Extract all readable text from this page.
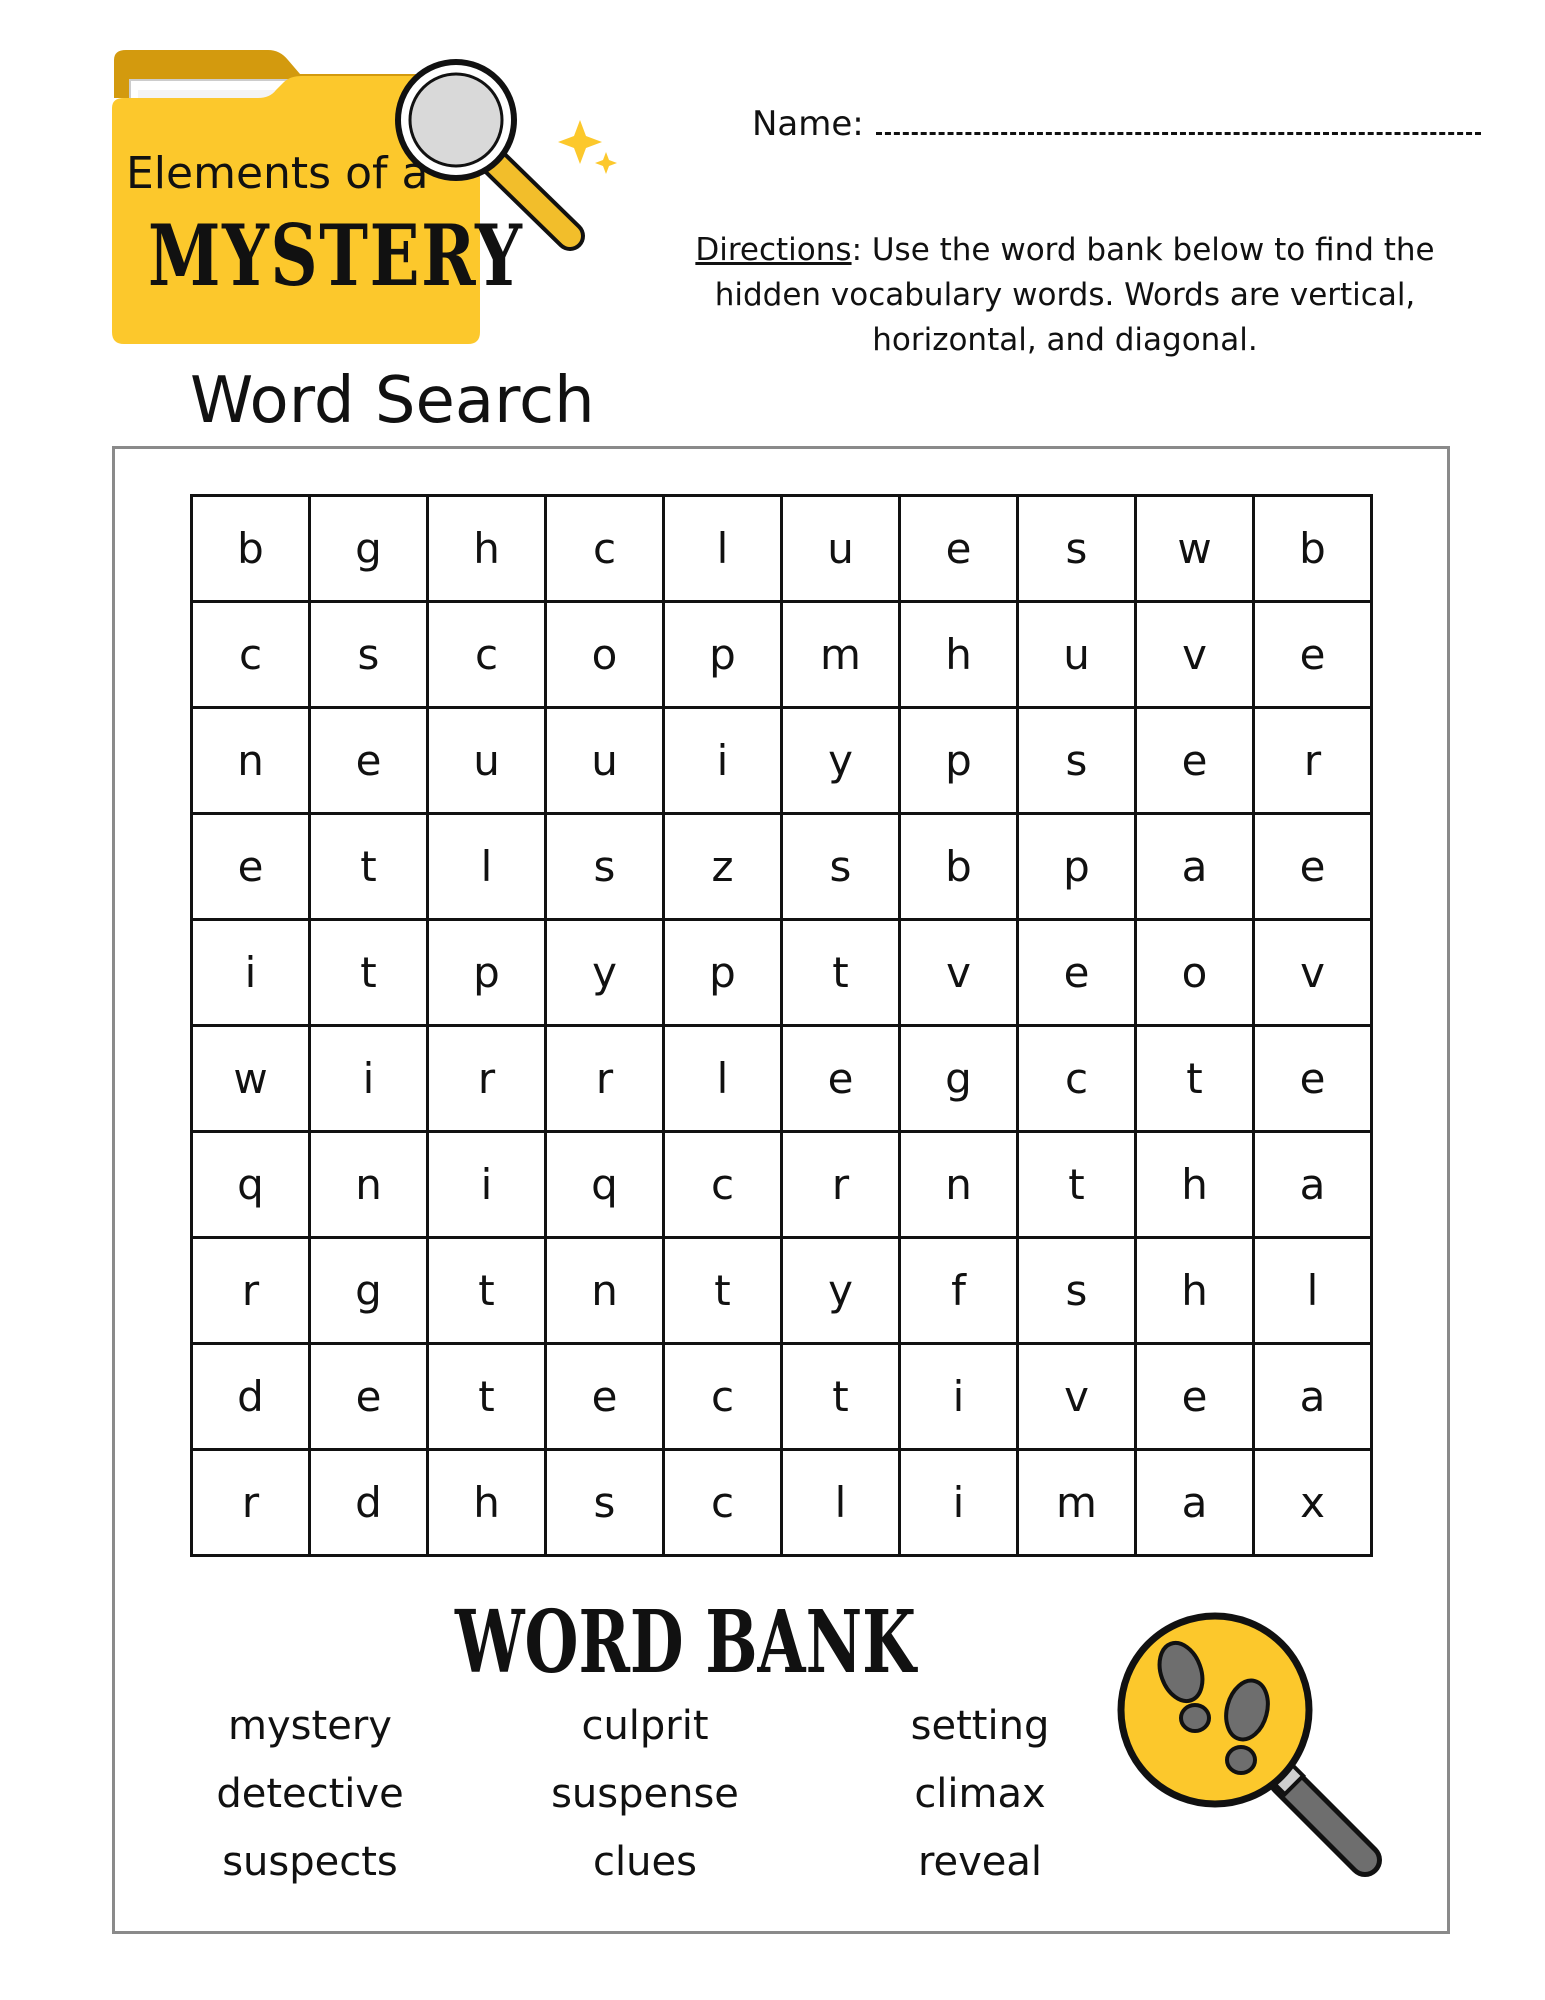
Elements of a
MYSTERY
Name:
Directions: Use the word bank below to find the hidden vocabulary words. Words are vertical, horizontal, and diagonal.
Word Search
b	g	h	c	l	u	e	s	w	b
c	s	c	o	p	m	h	u	v	e
n	e	u	u	i	y	p	s	e	r
e	t	l	s	z	s	b	p	a	e
i	t	p	y	p	t	v	e	o	v
w	i	r	r	l	e	g	c	t	e
q	n	i	q	c	r	n	t	h	a
r	g	t	n	t	y	f	s	h	l
d	e	t	e	c	t	i	v	e	a
r	d	h	s	c	l	i	m	a	x
WORD BANK
mystery
detective
suspects
culprit
suspense
clues
setting
climax
reveal
